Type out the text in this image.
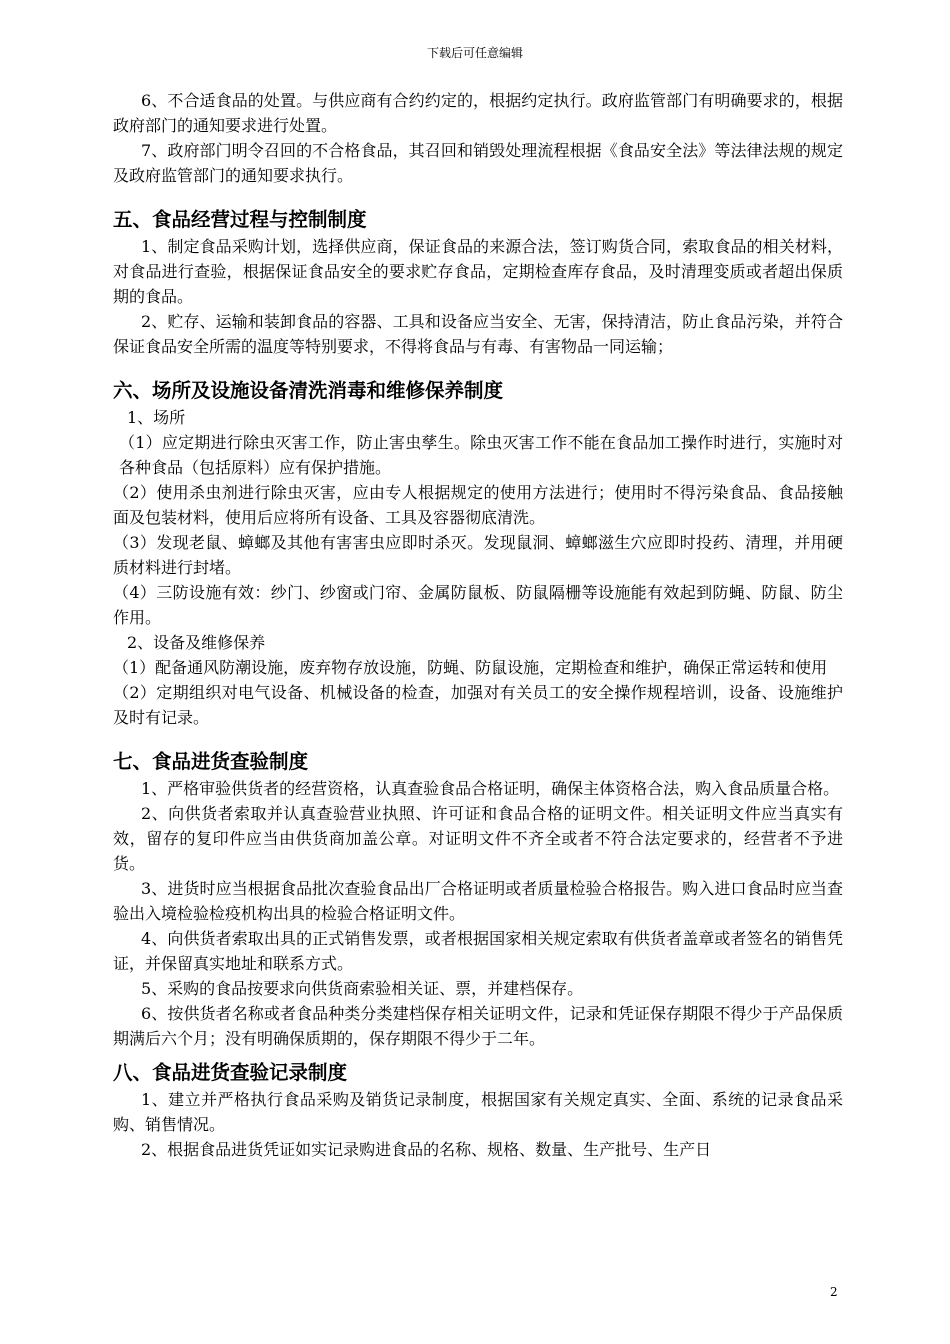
下载后可任意编辑

6、不合适食品的处置。与供应商有合约约定的，根据约定执行。政府监管部门有明确要求的，根据政府部门的通知要求进行处置。

7、政府部门明令召回的不合格食品，其召回和销毁处理流程根据《食品安全法》等法律法规的规定及政府监管部门的通知要求执行。

五、食品经营过程与控制制度

1、制定食品采购计划，选择供应商，保证食品的来源合法，签订购货合同，索取食品的相关材料，对食品进行查验，根据保证食品安全的要求贮存食品，定期检查库存食品，及时清理变质或者超出保质期的食品。

2、贮存、运输和装卸食品的容器、工具和设备应当安全、无害，保持清洁，防止食品污染，并符合保证食品安全所需的温度等特别要求，不得将食品与有毒、有害物品一同运输；

六、场所及设施设备清洗消毒和维修保养制度

1、场所

（1）应定期进行除虫灭害工作，防止害虫孳生。除虫灭害工作不能在食品加工操作时进行，实施时对各种食品（包括原料）应有保护措施。

（2）使用杀虫剂进行除虫灭害，应由专人根据规定的使用方法进行；使用时不得污染食品、食品接触面及包装材料，使用后应将所有设备、工具及容器彻底清洗。

（3）发现老鼠、蟑螂及其他有害害虫应即时杀灭。发现鼠洞、蟑螂滋生穴应即时投药、清理，并用硬质材料进行封堵。

（4）三防设施有效：纱门、纱窗或门帘、金属防鼠板、防鼠隔栅等设施能有效起到防蝇、防鼠、防尘作用。

2、设备及维修保养

（1）配备通风防潮设施，废弃物存放设施，防蝇、防鼠设施，定期检查和维护，确保正常运转和使用

（2）定期组织对电气设备、机械设备的检查，加强对有关员工的安全操作规程培训，设备、设施维护及时有记录。

七、食品进货查验制度

1、严格审验供货者的经营资格，认真查验食品合格证明，确保主体资格合法，购入食品质量合格。

2、向供货者索取并认真查验营业执照、许可证和食品合格的证明文件。相关证明文件应当真实有效，留存的复印件应当由供货商加盖公章。对证明文件不齐全或者不符合法定要求的，经营者不予进货。

3、进货时应当根据食品批次查验食品出厂合格证明或者质量检验合格报告。购入进口食品时应当查验出入境检验检疫机构出具的检验合格证明文件。

4、向供货者索取出具的正式销售发票，或者根据国家相关规定索取有供货者盖章或者签名的销售凭证，并保留真实地址和联系方式。

5、采购的食品按要求向供货商索验相关证、票，并建档保存。

6、按供货者名称或者食品种类分类建档保存相关证明文件，记录和凭证保存期限不得少于产品保质期满后六个月；没有明确保质期的，保存期限不得少于二年。

八、食品进货查验记录制度

1、建立并严格执行食品采购及销货记录制度，根据国家有关规定真实、全面、系统的记录食品采购、销售情况。

2、根据食品进货凭证如实记录购进食品的名称、规格、数量、生产批号、生产日

2
